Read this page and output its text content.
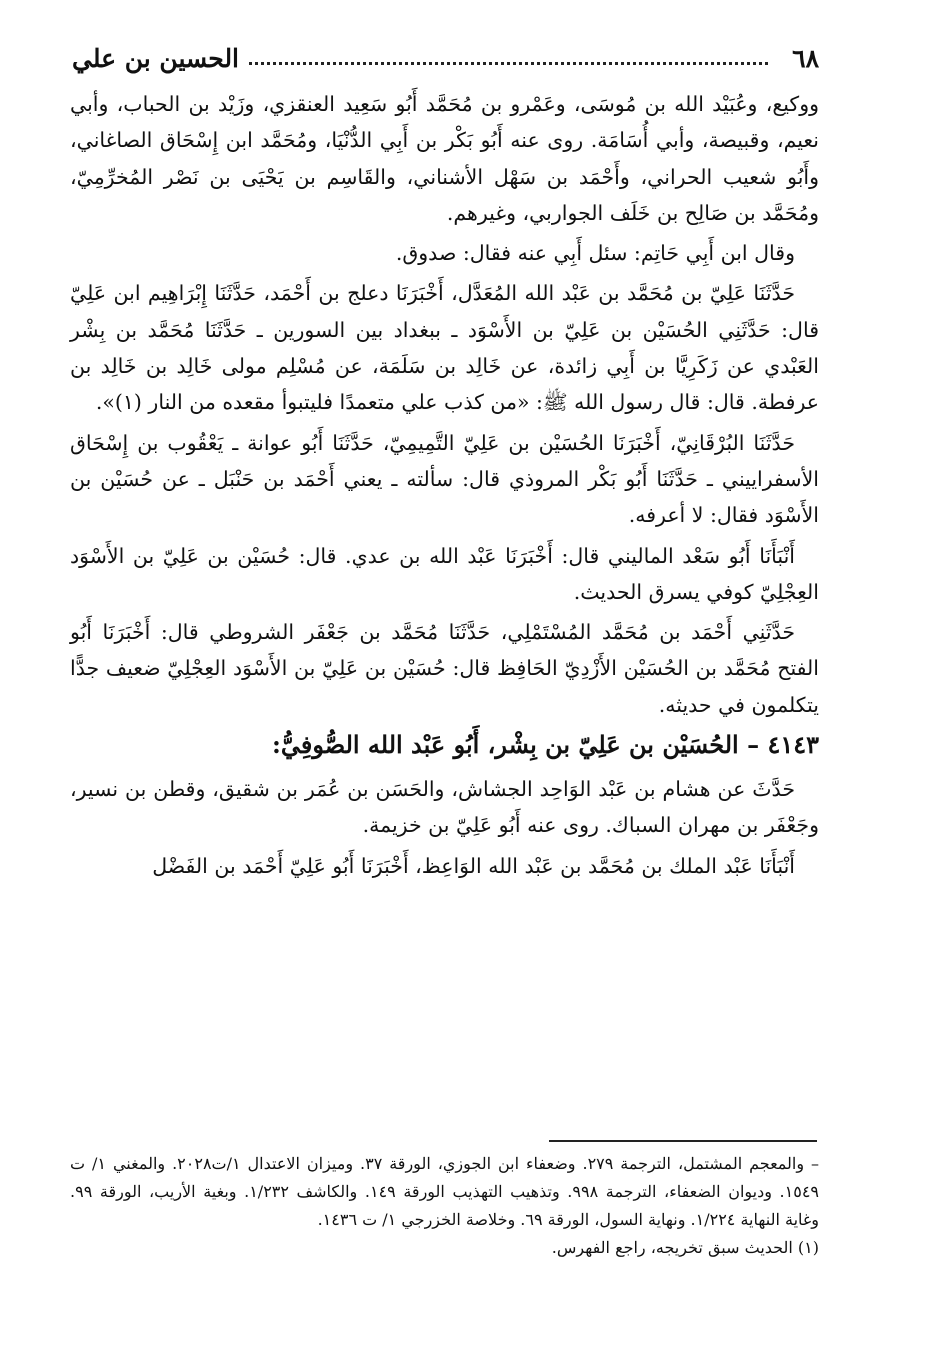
٦٨
الحسين بن علي

ووكيع، وعُبَيْد الله بن مُوسَى، وعَمْرو بن مُحَمَّد أَبُو سَعِيد العنقزي، وزَيْد بن الحباب، وأبي نعيم، وقبيصة، وأبي أُسَامَة. روى عنه أَبُو بَكْر بن أَبِي الدُّنْيَا، ومُحَمَّد ابن إِسْحَاق الصاغاني، وأَبُو شعيب الحراني، وأَحْمَد بن سَهْل الأشناني، والقَاسِم بن يَحْيَى بن نَصْر المُخرِّمِيّ، ومُحَمَّد بن صَالِح بن خَلَف الجواربي، وغيرهم.

وقال ابن أَبِي حَاتِم: سئل أَبِي عنه فقال: صدوق.

حَدَّثَنَا عَلِيّ بن مُحَمَّد بن عَبْد الله المُعَدَّل، أَخْبَرَنَا دعلج بن أَحْمَد، حَدَّثَنَا إِبْرَاهِيم ابن عَلِيّ قال: حَدَّثَنِي الحُسَيْن بن عَلِيّ بن الأَسْوَد ـ ببغداد بين السورين ـ حَدَّثَنَا مُحَمَّد بن بِشْر العَبْدي عن زَكَرِيَّا بن أَبِي زائدة، عن خَالِد بن سَلَمَة، عن مُسْلِم مولى خَالِد بن خَالِد بن عرفطة. قال: قال رسول الله ﷺ: «من كذب علي متعمدًا فليتبوأ مقعده من النار (١)».

حَدَّثَنَا البُرْقَانِيّ، أَخْبَرَنَا الحُسَيْن بن عَلِيّ التَّمِيمِيّ، حَدَّثَنَا أَبُو عوانة ـ يَعْقُوب بن إِسْحَاق الأسفراييني ـ حَدَّثَنَا أَبُو بَكْر المروذي قال: سألته ـ يعني أَحْمَد بن حَنْبَل ـ عن حُسَيْن بن الأَسْوَد فقال: لا أعرفه.

أَنْبَأَنَا أَبُو سَعْد الماليني قال: أَخْبَرَنَا عَبْد الله بن عدي. قال: حُسَيْن بن عَلِيّ بن الأَسْوَد العِجْلِيّ كوفي يسرق الحديث.

حَدَّثَنِي أَحْمَد بن مُحَمَّد المُسْتَمْلِي، حَدَّثَنَا مُحَمَّد بن جَعْفَر الشروطي قال: أَخْبَرَنَا أَبُو الفتح مُحَمَّد بن الحُسَيْن الأَزْدِيّ الحَافِظ قال: حُسَيْن بن عَلِيّ بن الأَسْوَد العِجْلِيّ ضعيف جدًّا يتكلمون في حديثه.

٤١٤٣ – الحُسَيْن بن عَلِيّ بن بِشْر، أَبُو عَبْد الله الصُّوفِيُّ:

حَدَّثَ عن هشام بن عَبْد الوَاحِد الجشاش، والحَسَن بن عُمَر بن شقيق، وقطن بن نسير، وجَعْفَر بن مهران السباك. روى عنه أَبُو عَلِيّ بن خزيمة.

أَنْبَأَنَا عَبْد الملك بن مُحَمَّد بن عَبْد الله الوَاعِظ، أَخْبَرَنَا أَبُو عَلِيّ أَحْمَد بن الفَضْل

– والمعجم المشتمل، الترجمة ٢٧٩. وضعفاء ابن الجوزي، الورقة ٣٧. وميزان الاعتدال ١/ت٢٠٢٨. والمغني ١/ ت ١٥٤٩. وديوان الضعفاء، الترجمة ٩٩٨. وتذهيب التهذيب الورقة ١٤٩. والكاشف ١/٢٣٢. وبغية الأريب، الورقة ٩٩. وغاية النهاية ١/٢٢٤. ونهاية السول، الورقة ٦٩. وخلاصة الخزرجي ١/ ت ١٤٣٦.

(١) الحديث سبق تخريجه، راجع الفهرس.
